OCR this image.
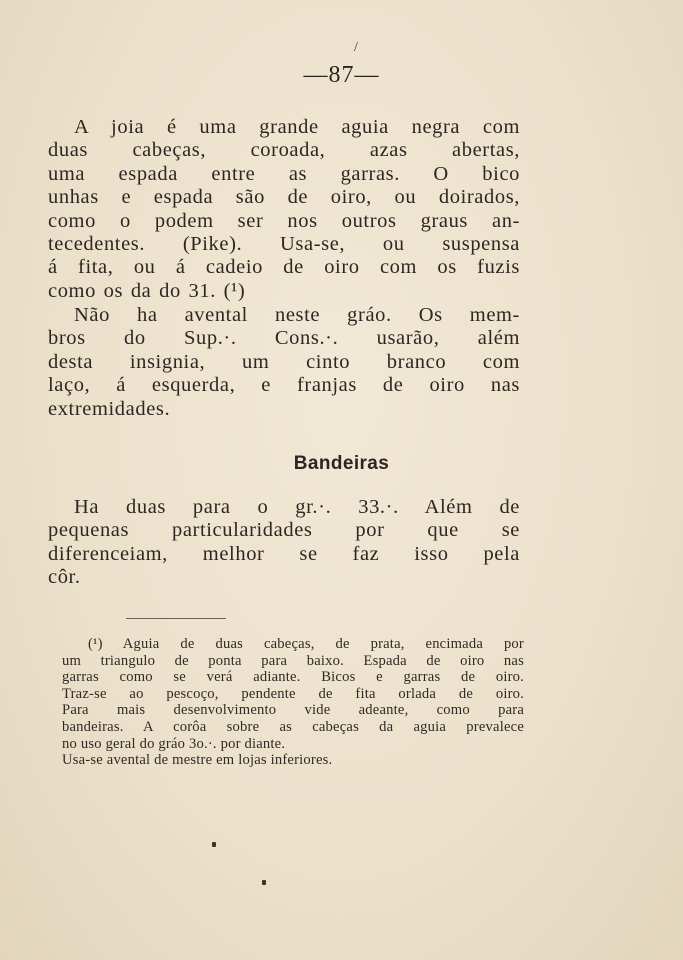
/
—87—
A joia é uma grande aguia negra com
duas cabeças, coroada, azas abertas,
uma espada entre as garras. O bico
unhas e espada são de oiro, ou doirados,
como o podem ser nos outros graus an-
tecedentes. (Pike). Usa-se, ou suspensa
á fita, ou á cadeio de oiro com os fuzis
como os da do 31. (¹)
Não ha avental neste gráo. Os mem-
bros do Sup.·. Cons.·. usarão, além
desta insignia, um cinto branco com
laço, á esquerda, e franjas de oiro nas
extremidades.
Bandeiras
Ha duas para o gr.·. 33.·. Além de
pequenas particularidades por que se
diferenceiam, melhor se faz isso pela
côr.
(¹) Aguia de duas cabeças, de prata, encimada por
um triangulo de ponta para baixo. Espada de oiro nas
garras como se verá adiante. Bicos e garras de oiro.
Traz-se ao pescoço, pendente de fita orlada de oiro.
Para mais desenvolvimento vide adeante, como para
bandeiras. A corôa sobre as cabeças da aguia prevalece
no uso geral do gráo 3o.·. por diante.
Usa-se avental de mestre em lojas inferiores.
